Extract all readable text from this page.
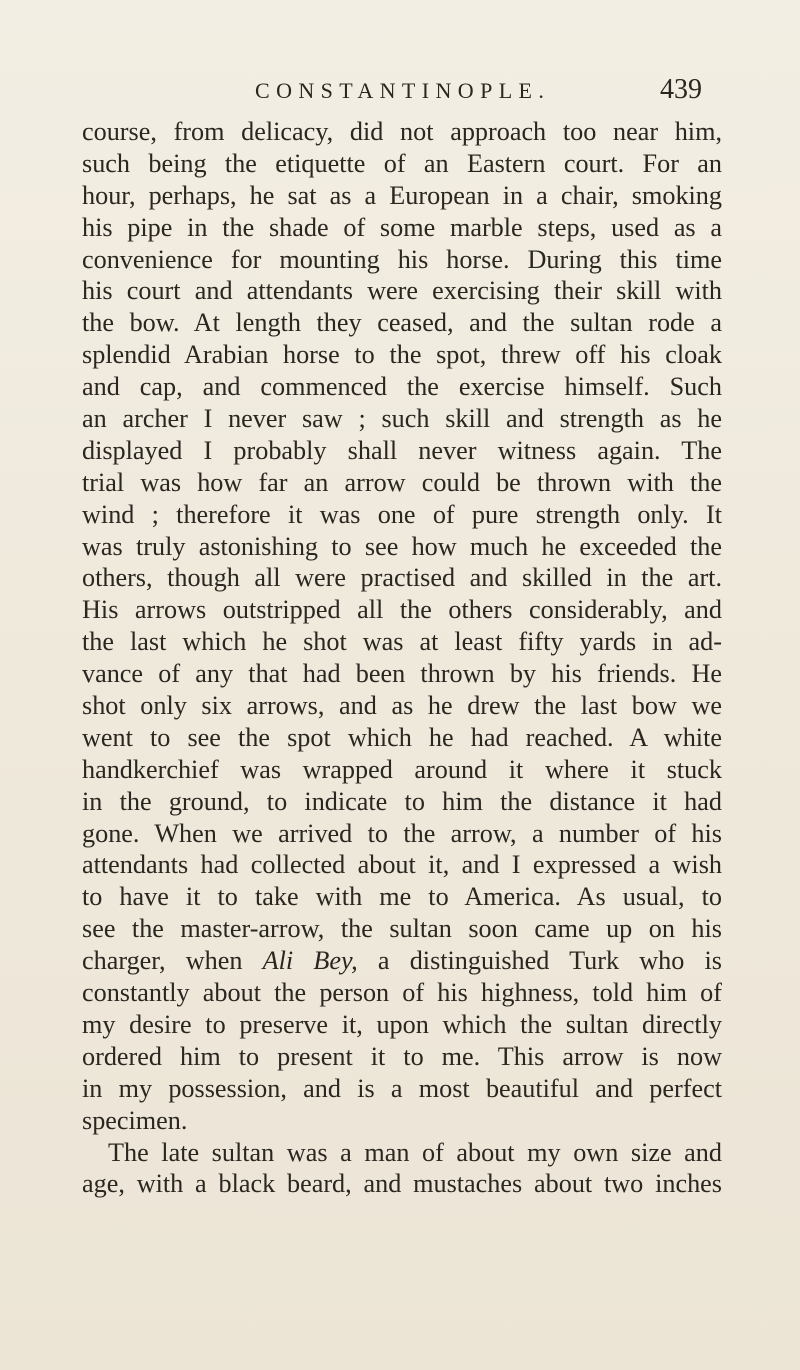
CONSTANTINOPLE.	439
course, from delicacy, did not approach too near him,
such being the etiquette of an Eastern court. For an
hour, perhaps, he sat as a European in a chair, smoking
his pipe in the shade of some marble steps, used as a
convenience for mounting his horse. During this time
his court and attendants were exercising their skill with
the bow. At length they ceased, and the sultan rode a
splendid Arabian horse to the spot, threw off his cloak
and cap, and commenced the exercise himself. Such
an archer I never saw ; such skill and strength as he
displayed I probably shall never witness again. The
trial was how far an arrow could be thrown with the
wind ; therefore it was one of pure strength only. It
was truly astonishing to see how much he exceeded the
others, though all were practised and skilled in the art.
His arrows outstripped all the others considerably, and
the last which he shot was at least fifty yards in ad-
vance of any that had been thrown by his friends. He
shot only six arrows, and as he drew the last bow we
went to see the spot which he had reached. A white
handkerchief was wrapped around it where it stuck
in the ground, to indicate to him the distance it had
gone. When we arrived to the arrow, a number of his
attendants had collected about it, and I expressed a wish
to have it to take with me to America. As usual, to
see the master-arrow, the sultan soon came up on his
charger, when Ali Bey, a distinguished Turk who is
constantly about the person of his highness, told him of
my desire to preserve it, upon which the sultan directly
ordered him to present it to me. This arrow is now
in my possession, and is a most beautiful and perfect
specimen.
The late sultan was a man of about my own size and
age, with a black beard, and mustaches about two inches
